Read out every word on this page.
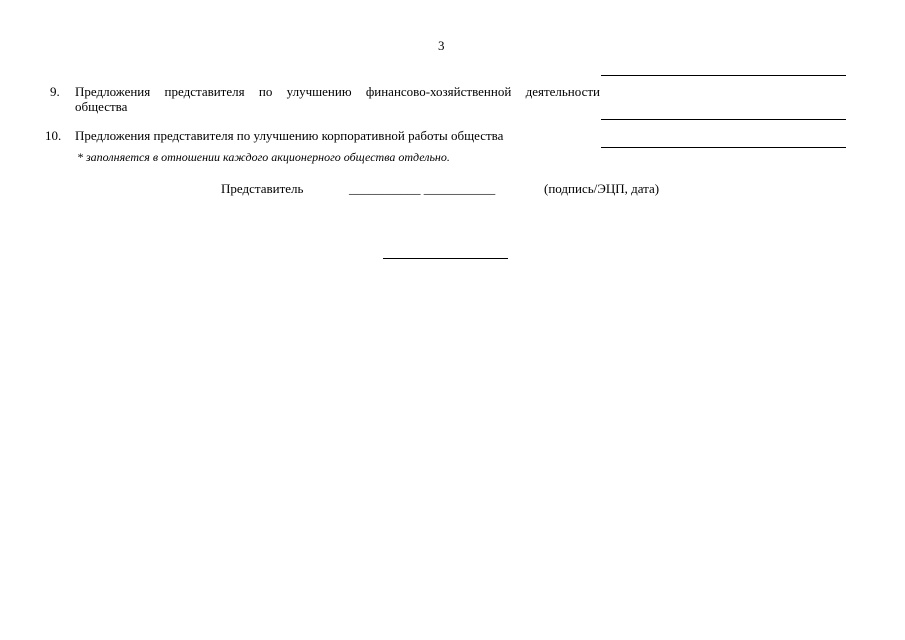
3
9. Предложения представителя по улучшению финансово-хозяйственной деятельности
общества
10. Предложения представителя по улучшению корпоративной работы общества
* заполняется в отношении каждого акционерного общества отдельно.
Представитель	___________ ___________	(подпись/ЭЦП, дата)
